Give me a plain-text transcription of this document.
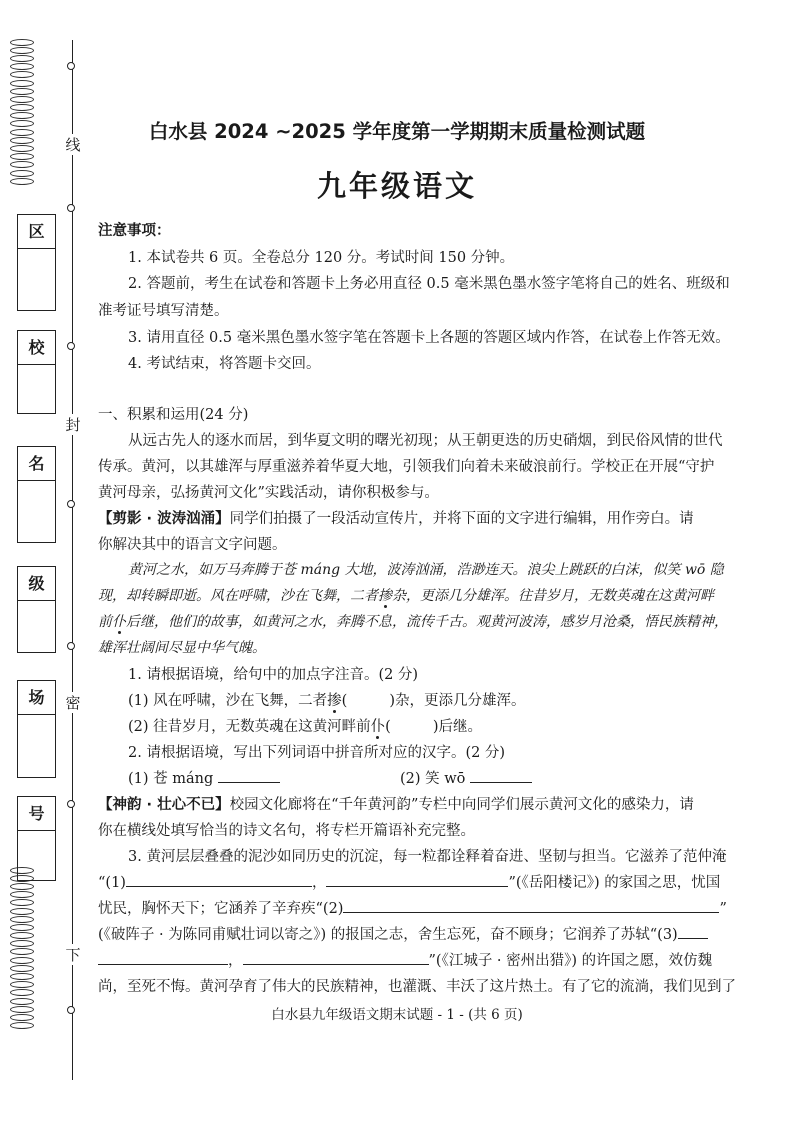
线
封
密
下
区
校
名
级
场
号
白水县 2024 ~2025 学年度第一学期期末质量检测试题
九年级语文
注意事项：
1. 本试卷共 6 页。全卷总分 120 分。考试时间 150 分钟。
2. 答题前，考生在试卷和答题卡上务必用直径 0.5 毫米黑色墨水签字笔将自己的姓名、班级和
准考证号填写清楚。
3. 请用直径 0.5 毫米黑色墨水签字笔在答题卡上各题的答题区域内作答，在试卷上作答无效。
4. 考试结束，将答题卡交回。
一、积累和运用(24 分)
从远古先人的逐水而居，到华夏文明的曙光初现；从王朝更迭的历史硝烟，到民俗风情的世代
传承。黄河，以其雄浑与厚重滋养着华夏大地，引领我们向着未来破浪前行。学校正在开展“守护
黄河母亲，弘扬黄河文化”实践活动，请你积极参与。
【剪影 · 波涛汹涌】同学们拍摄了一段活动宣传片，并将下面的文字进行编辑，用作旁白。请
你解决其中的语言文字问题。
黄河之水，如万马奔腾于苍 máng 大地，波涛汹涌，浩渺连天。浪尖上跳跃的白沫，似笑 wō 隐
现，却转瞬即逝。风在呼啸，沙在飞舞，二者掺杂，更添几分雄浑。往昔岁月，无数英魂在这黄河畔
前仆后继，他们的故事，如黄河之水，奔腾不息，流传千古。观黄河波涛，感岁月沧桑，悟民族精神，
雄浑壮阔间尽显中华气魄。
1. 请根据语境，给句中的加点字注音。(2 分)
(1) 风在呼啸，沙在飞舞，二者掺(	)杂，更添几分雄浑。
(2) 往昔岁月，无数英魂在这黄河畔前仆(	)后继。
2. 请根据语境，写出下列词语中拼音所对应的汉字。(2 分)
(1) 苍 máng	(2) 笑 wō
【神韵 · 壮心不已】校园文化廊将在“千年黄河韵”专栏中向同学们展示黄河文化的感染力，请
你在横线处填写恰当的诗文名句，将专栏开篇语补充完整。
3. 黄河层层叠叠的泥沙如同历史的沉淀，每一粒都诠释着奋进、坚韧与担当。它滋养了范仲淹
“(1)	，	”(《岳阳楼记》) 的家国之思，忧国
忧民，胸怀天下；它涵养了辛弃疾“(2)	”
(《破阵子 · 为陈同甫赋壮词以寄之》) 的报国之志，舍生忘死，奋不顾身；它润养了苏轼“(3)
，	”(《江城子 · 密州出猎》) 的许国之愿，效仿魏
尚，至死不悔。黄河孕育了伟大的民族精神，也灌溉、丰沃了这片热土。有了它的流淌，我们见到了
白水县九年级语文期末试题 - 1 - (共 6 页)
